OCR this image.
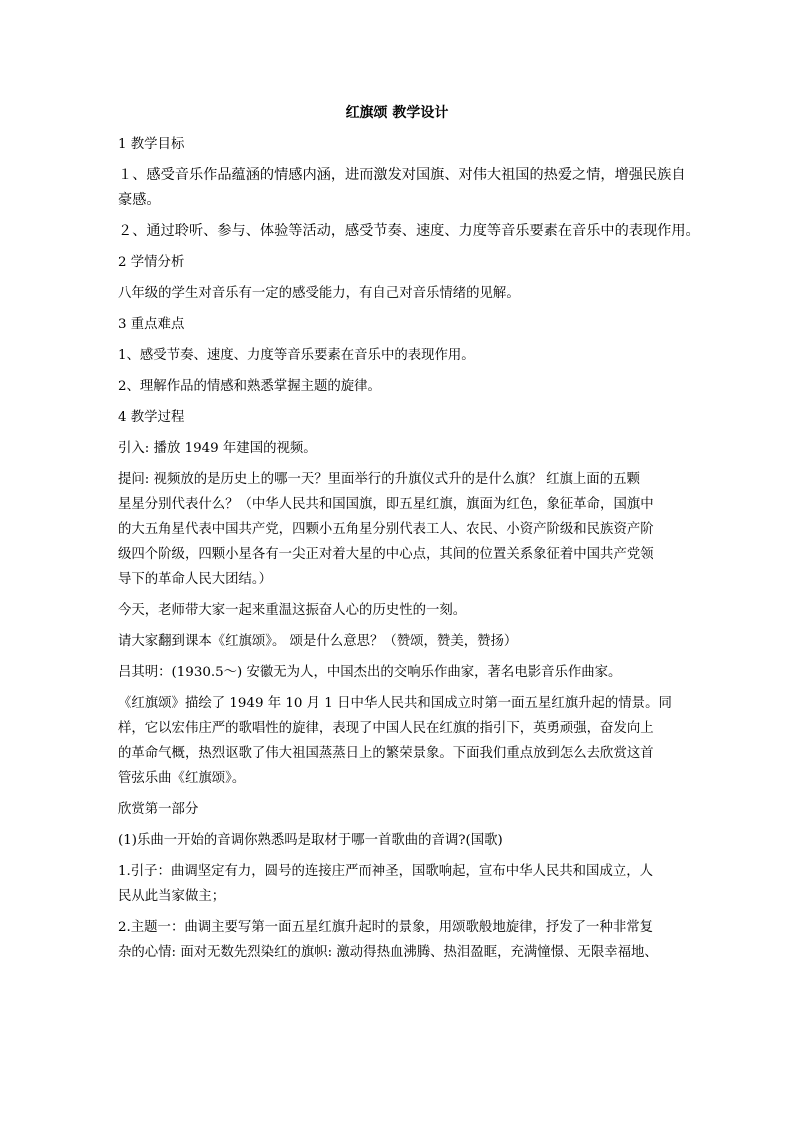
红旗颂 教学设计
1 教学目标
１、感受音乐作品蕴涵的情感内涵，进而激发对国旗、对伟大祖国的热爱之情，增强民族自
豪感。
２、通过聆听、参与、体验等活动，感受节奏、速度、力度等音乐要素在音乐中的表现作用。
2 学情分析
八年级的学生对音乐有一定的感受能力，有自己对音乐情绪的见解。
3 重点难点
1、感受节奏、速度、力度等音乐要素在音乐中的表现作用。
2、理解作品的情感和熟悉掌握主题的旋律。
4 教学过程
引入: 播放 1949 年建国的视频。
提问: 视频放的是历史上的哪一天？里面举行的升旗仪式升的是什么旗？ 红旗上面的五颗
星星分别代表什么？（中华人民共和国国旗，即五星红旗，旗面为红色，象征革命，国旗中
的大五角星代表中国共产党，四颗小五角星分别代表工人、农民、小资产阶级和民族资产阶
级四个阶级，四颗小星各有一尖正对着大星的中心点，其间的位置关系象征着中国共产党领
导下的革命人民大团结。）
今天，老师带大家一起来重温这振奋人心的历史性的一刻。
请大家翻到课本《红旗颂》。 颂是什么意思？（赞颂，赞美，赞扬）
吕其明：(1930.5～) 安徽无为人，中国杰出的交响乐作曲家，著名电影音乐作曲家。
《红旗颂》描绘了 1949 年 10 月 1 日中华人民共和国成立时第一面五星红旗升起的情景。同
样，它以宏伟庄严的歌唱性的旋律，表现了中国人民在红旗的指引下，英勇顽强，奋发向上
的革命气概，热烈讴歌了伟大祖国蒸蒸日上的繁荣景象。下面我们重点放到怎么去欣赏这首
管弦乐曲《红旗颂》。
欣赏第一部分
(1)乐曲一开始的音调你熟悉吗是取材于哪一首歌曲的音调?(国歌)
1.引子：曲调坚定有力，圆号的连接庄严而神圣，国歌响起，宣布中华人民共和国成立，人
民从此当家做主；
2.主题一：曲调主要写第一面五星红旗升起时的景象，用颂歌般地旋律，抒发了一种非常复
杂的心情: 面对无数先烈染红的旗帜: 激动得热血沸腾、热泪盈眶，充满憧憬、无限幸福地、
